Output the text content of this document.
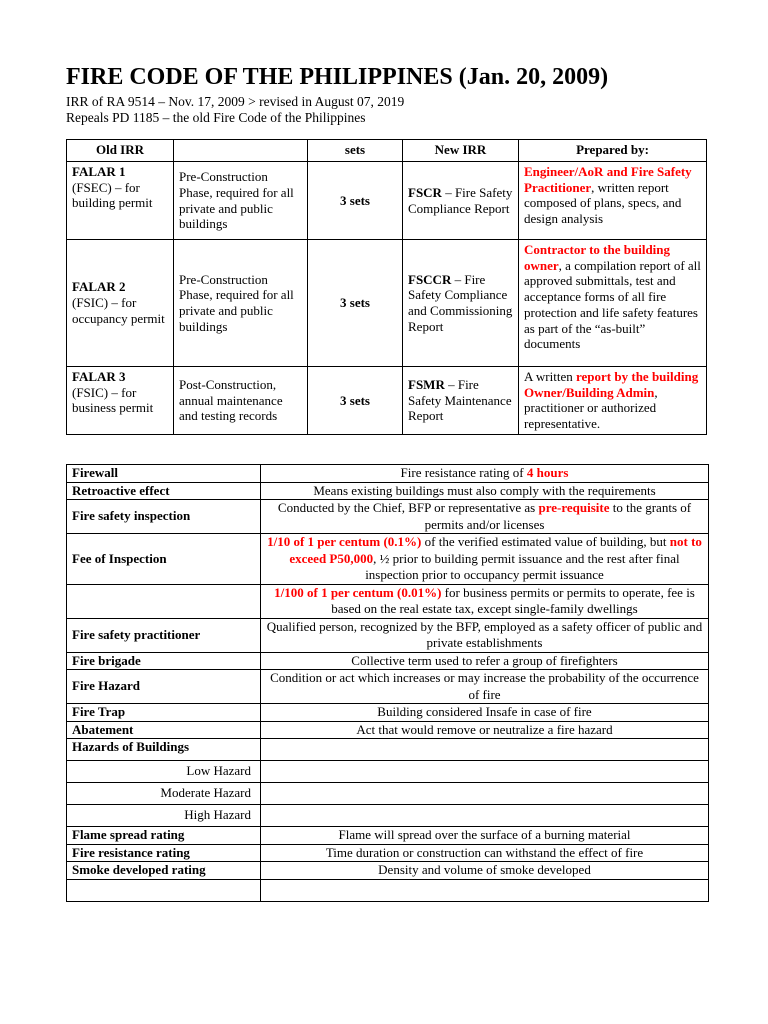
FIRE CODE OF THE PHILIPPINES (Jan. 20, 2009)
IRR of RA 9514 – Nov. 17, 2009 > revised in August 07, 2019
Repeals PD 1185 – the old Fire Code of the Philippines
Old IRR		sets	New IRR	Prepared by:
FALAR 1
(FSEC) – for building permit	Pre-Construction Phase, required for all private and public buildings	3 sets	FSCR – Fire Safety Compliance Report	Engineer/AoR and Fire Safety Practitioner, written report composed of plans, specs, and design analysis
FALAR 2
(FSIC) – for occupancy permit	Pre-Construction Phase, required for all private and public buildings	3 sets	FSCCR – Fire Safety Compliance and Commissioning Report	Contractor to the building owner, a compilation report of all approved submittals, test and acceptance forms of all fire protection and life safety features as part of the “as-built” documents
FALAR 3
(FSIC) – for business permit	Post-Construction, annual maintenance and testing records	3 sets	FSMR – Fire Safety Maintenance Report	A written report by the building Owner/Building Admin, practitioner or authorized representative.
Firewall	Fire resistance rating of 4 hours
Retroactive effect	Means existing buildings must also comply with the requirements
Fire safety inspection	Conducted by the Chief, BFP or representative as pre-requisite to the grants of permits and/or licenses
Fee of Inspection	1/10 of 1 per centum (0.1%) of the verified estimated value of building, but not to exceed P50,000, ½ prior to building permit issuance and the rest after final inspection prior to occupancy permit issuance
	1/100 of 1 per centum (0.01%) for business permits or permits to operate, fee is based on the real estate tax, except single-family dwellings
Fire safety practitioner	Qualified person, recognized by the BFP, employed as a safety officer of public and private establishments
Fire brigade	Collective term used to refer a group of firefighters
Fire Hazard	Condition or act which increases or may increase the probability of the occurrence of fire
Fire Trap	Building considered Insafe in case of fire
Abatement	Act that would remove or neutralize a fire hazard
Hazards of Buildings	
Low Hazard	
Moderate Hazard	
High Hazard	
Flame spread rating	Flame will spread over the surface of a burning material
Fire resistance rating	Time duration or construction can withstand the effect of fire
Smoke developed rating	Density and volume of smoke developed
